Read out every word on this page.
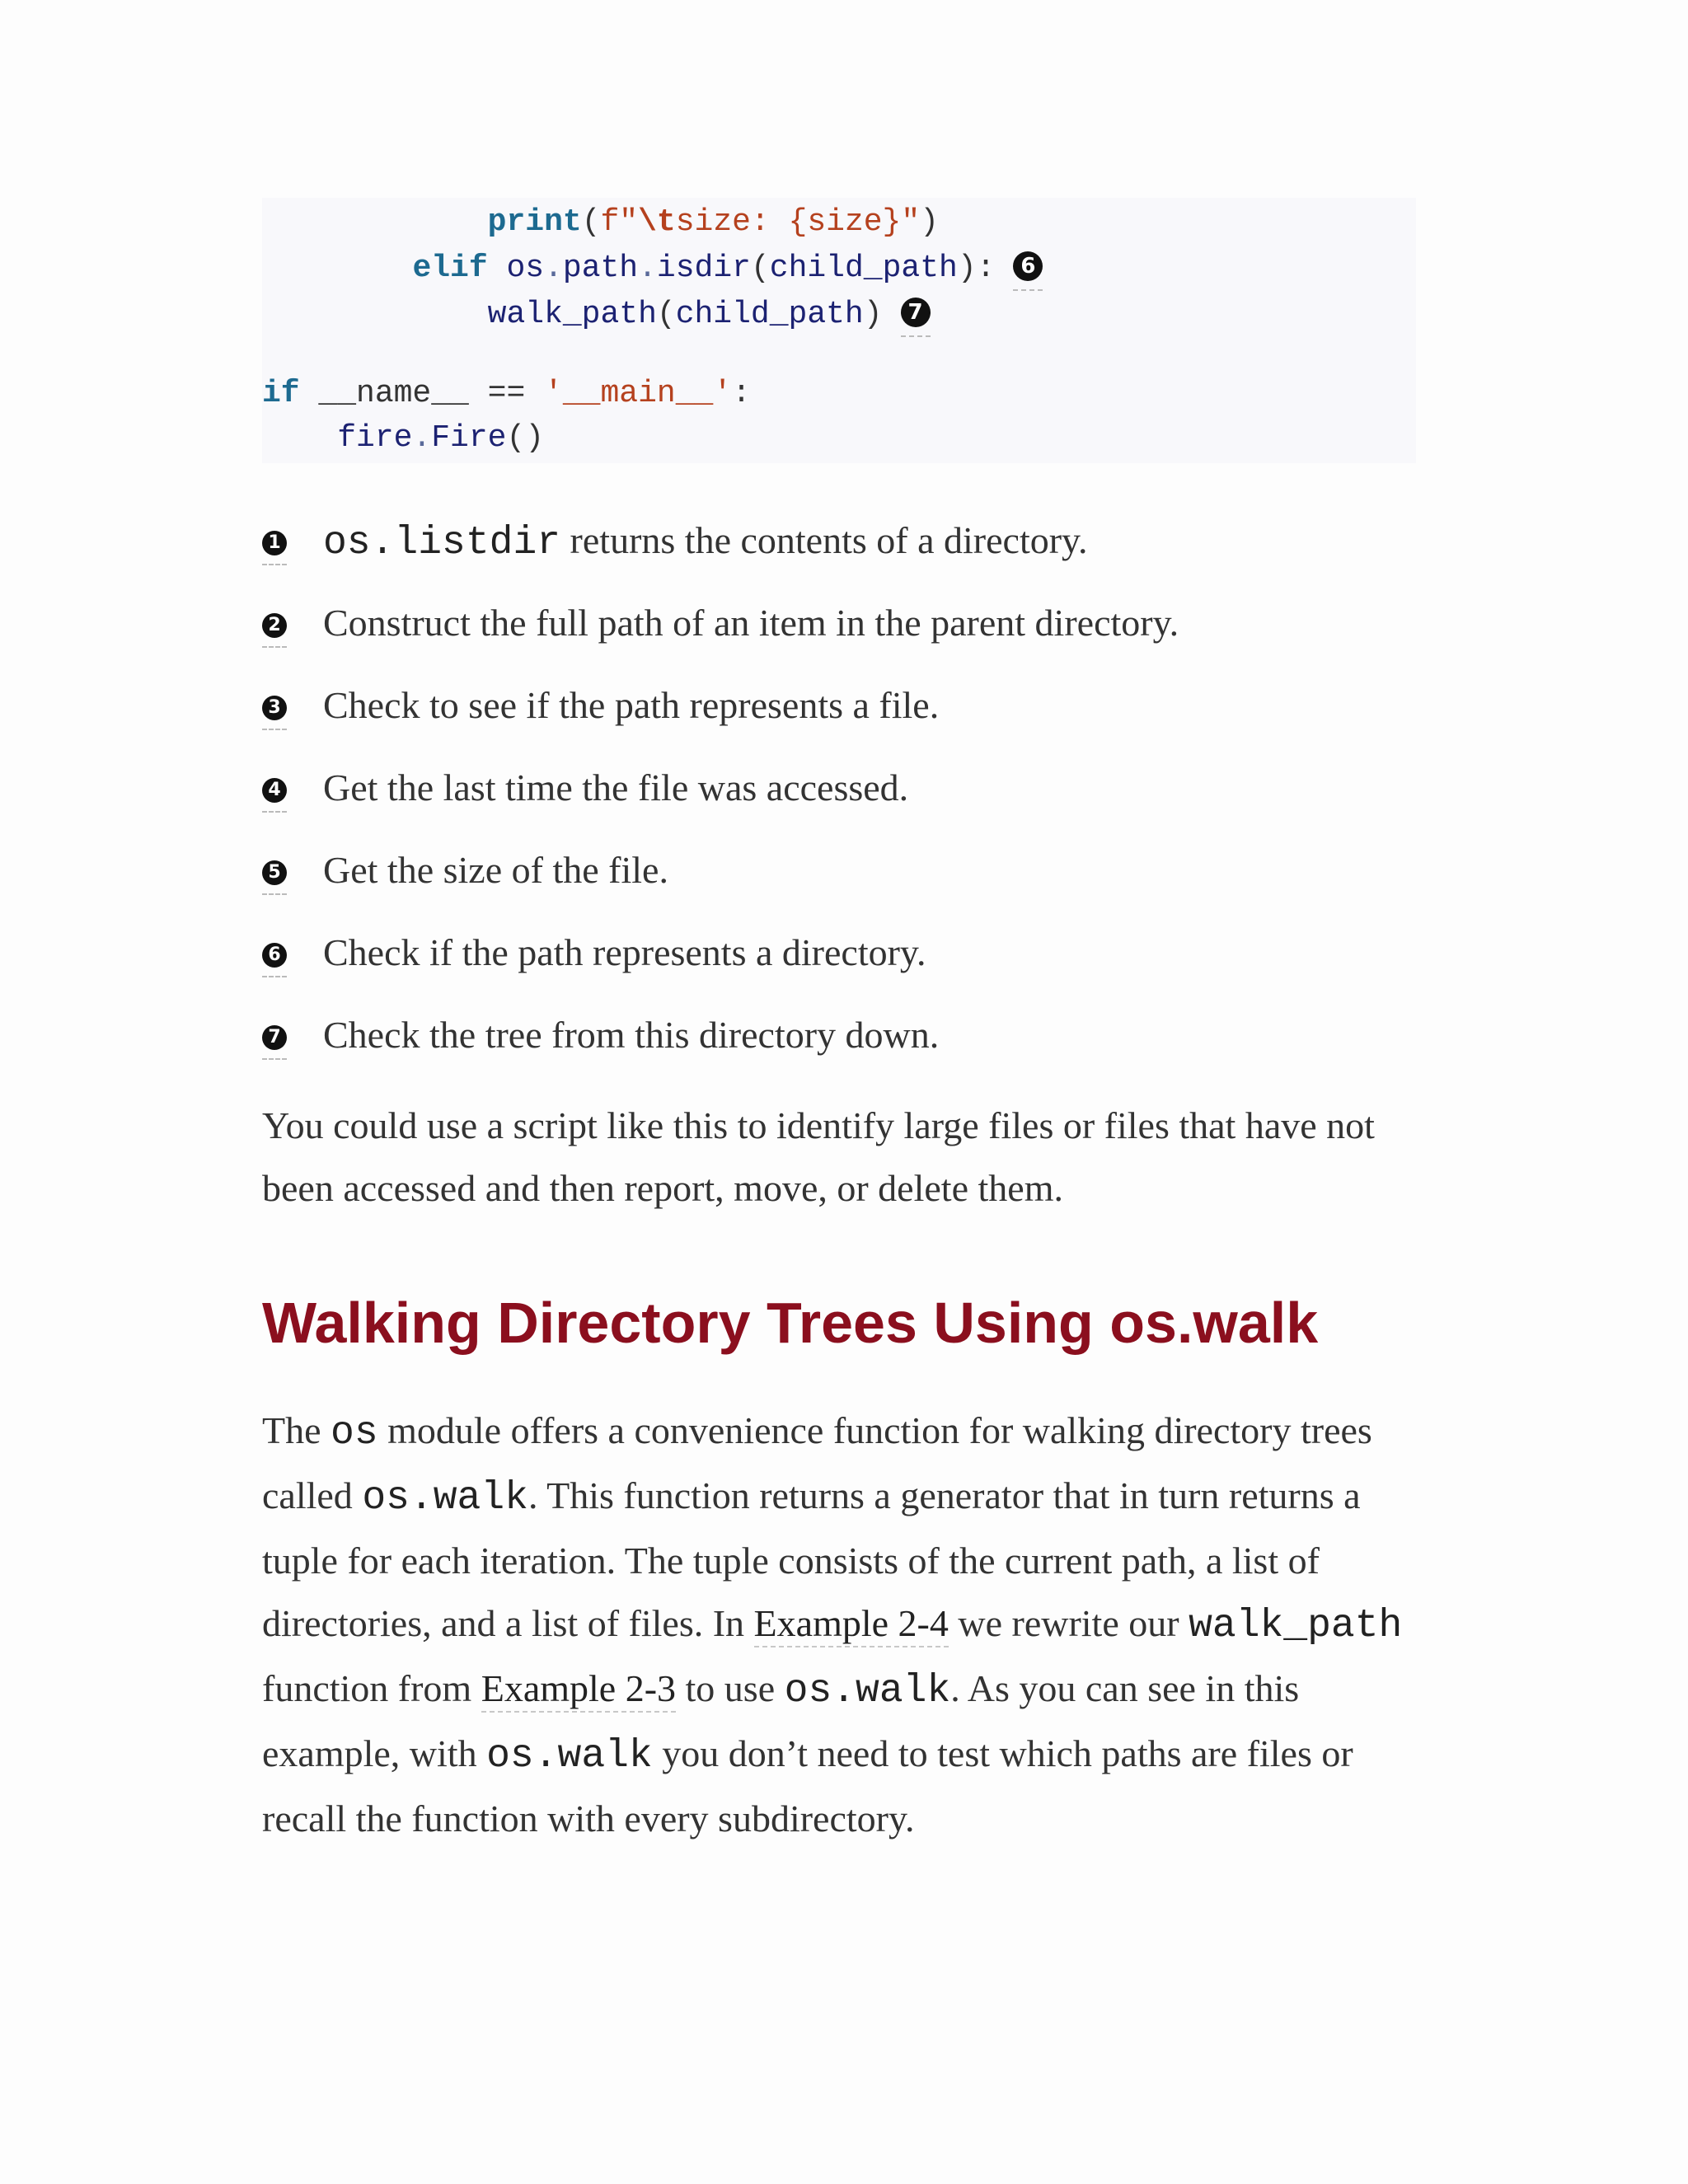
print(f"\tsize: {size}")
elif os.path.isdir(child_path): 6
walk_path(child_path) 7
if __name__ == '__main__':
fire.Fire()
1 os.listdir returns the contents of a directory.
2 Construct the full path of an item in the parent directory.
3 Check to see if the path represents a file.
4 Get the last time the file was accessed.
5 Get the size of the file.
6 Check if the path represents a directory.
7 Check the tree from this directory down.
You could use a script like this to identify large files or files that have not been accessed and then report, move, or delete them.
Walking Directory Trees Using os.walk
The os module offers a convenience function for walking directory trees called os.walk. This function returns a generator that in turn returns a tuple for each iteration. The tuple consists of the current path, a list of directories, and a list of files. In Example 2-4 we rewrite our walk_path function from Example 2-3 to use os.walk. As you can see in this example, with os.walk you don’t need to test which paths are files or recall the function with every subdirectory.
